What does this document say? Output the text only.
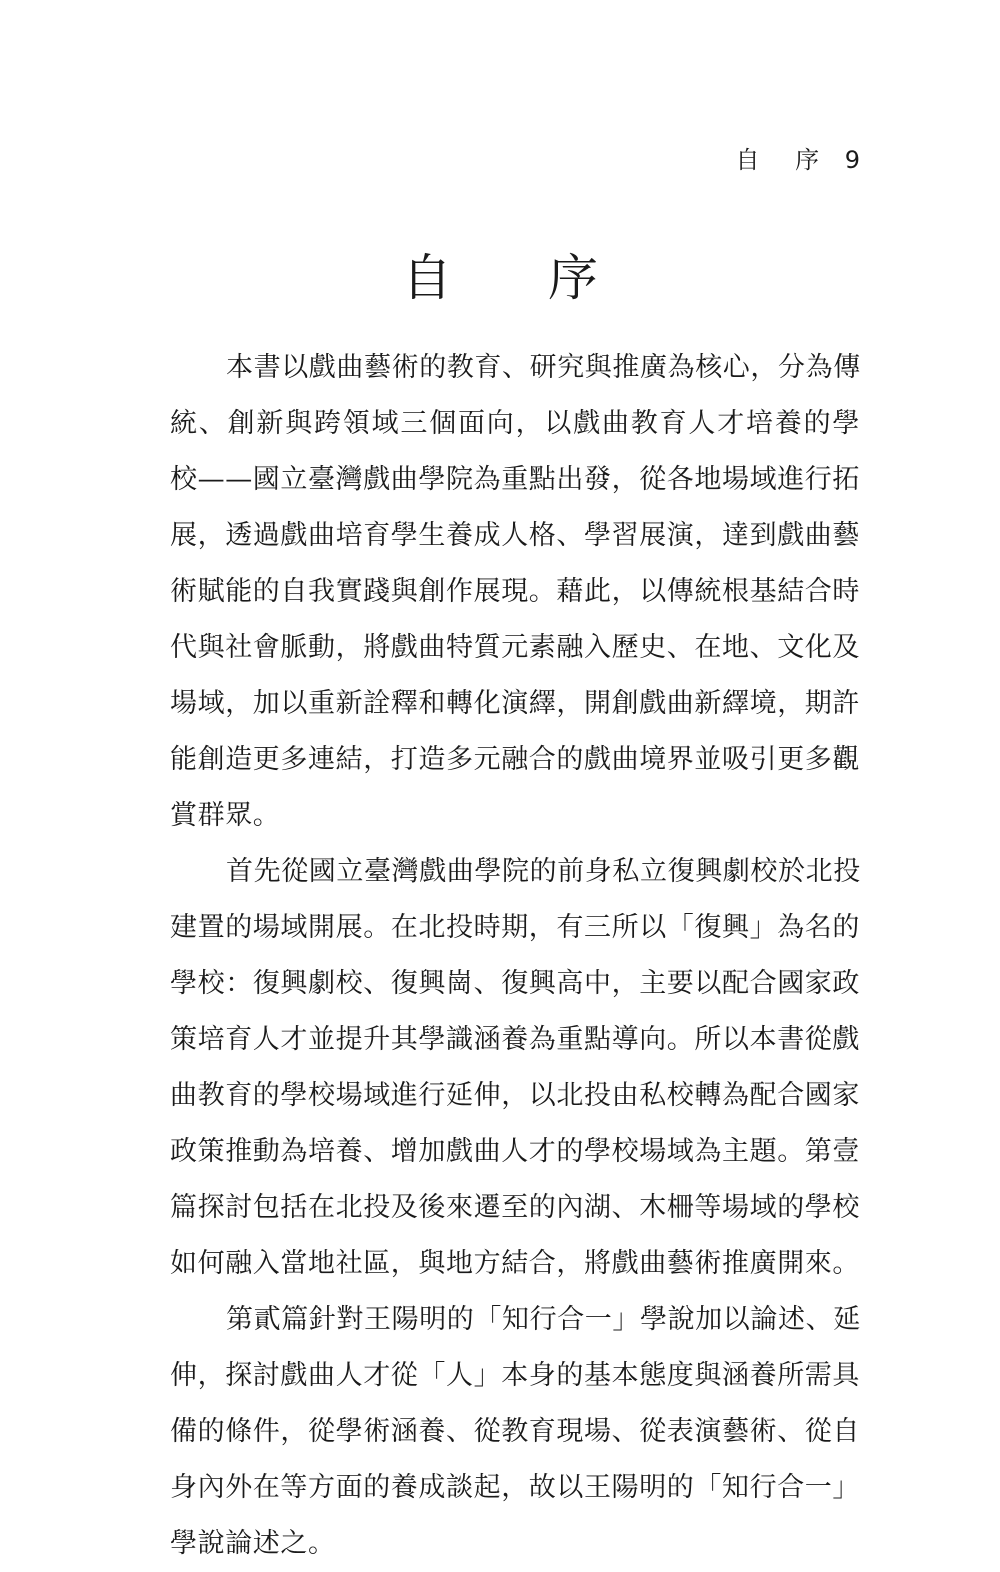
自 序 9
自 序
本書以戲曲藝術的教育、研究與推廣為核心，分為傳
統、創新與跨領域三個面向，以戲曲教育人才培養的學
校——國立臺灣戲曲學院為重點出發，從各地場域進行拓
展，透過戲曲培育學生養成人格、學習展演，達到戲曲藝
術賦能的自我實踐與創作展現。藉此，以傳統根基結合時
代與社會脈動，將戲曲特質元素融入歷史、在地、文化及
場域，加以重新詮釋和轉化演繹，開創戲曲新繹境，期許
能創造更多連結，打造多元融合的戲曲境界並吸引更多觀
賞群眾。
首先從國立臺灣戲曲學院的前身私立復興劇校於北投
建置的場域開展。在北投時期，有三所以「復興」為名的
學校：復興劇校、復興崗、復興高中，主要以配合國家政
策培育人才並提升其學識涵養為重點導向。所以本書從戲
曲教育的學校場域進行延伸，以北投由私校轉為配合國家
政策推動為培養、增加戲曲人才的學校場域為主題。第壹
篇探討包括在北投及後來遷至的內湖、木柵等場域的學校
如何融入當地社區，與地方結合，將戲曲藝術推廣開來。
第貳篇針對王陽明的「知行合一」學說加以論述、延
伸，探討戲曲人才從「人」本身的基本態度與涵養所需具
備的條件，從學術涵養、從教育現場、從表演藝術、從自
身內外在等方面的養成談起，故以王陽明的「知行合一」
學說論述之。
